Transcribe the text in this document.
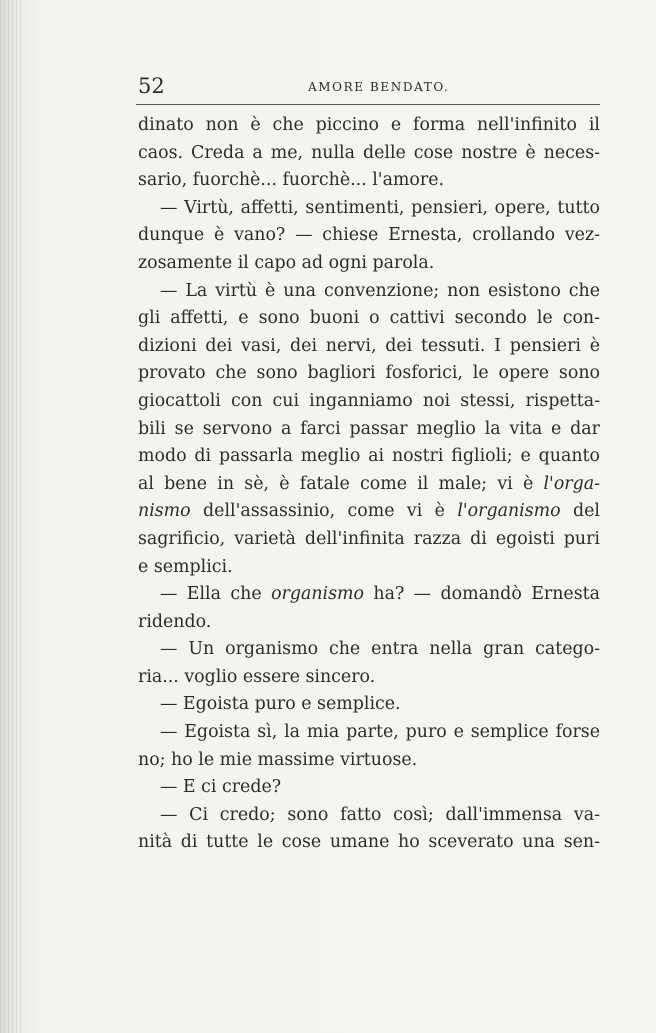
52	AMORE BENDATO.
dinato non è che piccino e forma nell'infinito il
caos. Creda a me, nulla delle cose nostre è neces-
sario, fuorchè... fuorchè... l'amore.
— Virtù, affetti, sentimenti, pensieri, opere, tutto
dunque è vano? — chiese Ernesta, crollando vez-
zosamente il capo ad ogni parola.
— La virtù è una convenzione; non esistono che
gli affetti, e sono buoni o cattivi secondo le con-
dizioni dei vasi, dei nervi, dei tessuti. I pensieri è
provato che sono bagliori fosforici, le opere sono
giocattoli con cui inganniamo noi stessi, rispetta-
bili se servono a farci passar meglio la vita e dar
modo di passarla meglio ai nostri figlioli; e quanto
al bene in sè, è fatale come il male; vi è l'orga-
nismo dell'assassinio, come vi è l'organismo del
sagrificio, varietà dell'infinita razza di egoisti puri
e semplici.
— Ella che organismo ha? — domandò Ernesta
ridendo.
— Un organismo che entra nella gran catego-
ria... voglio essere sincero.
— Egoista puro e semplice.
— Egoista sì, la mia parte, puro e semplice forse
no; ho le mie massime virtuose.
— E ci crede?
— Ci credo; sono fatto così; dall'immensa va-
nità di tutte le cose umane ho sceverato una sen-
